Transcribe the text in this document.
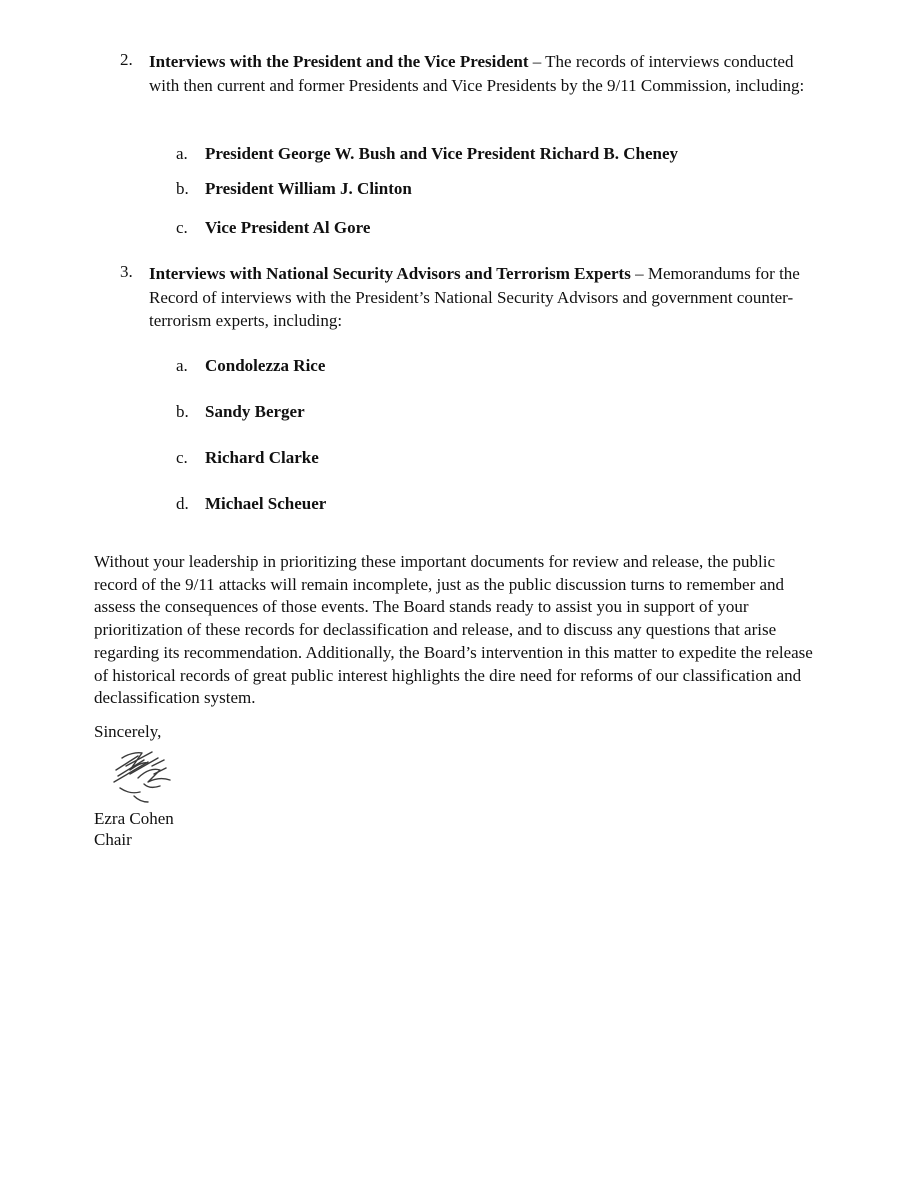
2. Interviews with the President and the Vice President – The records of interviews conducted with then current and former Presidents and Vice Presidents by the 9/11 Commission, including:
a. President George W. Bush and Vice President Richard B. Cheney
b. President William J. Clinton
c. Vice President Al Gore
3. Interviews with National Security Advisors and Terrorism Experts – Memorandums for the Record of interviews with the President’s National Security Advisors and government counter-terrorism experts, including:
a. Condolezza Rice
b. Sandy Berger
c. Richard Clarke
d. Michael Scheuer
Without your leadership in prioritizing these important documents for review and release, the public record of the 9/11 attacks will remain incomplete, just as the public discussion turns to remember and assess the consequences of those events. The Board stands ready to assist you in support of your prioritization of these records for declassification and release, and to discuss any questions that arise regarding its recommendation. Additionally, the Board’s intervention in this matter to expedite the release of historical records of great public interest highlights the dire need for reforms of our classification and declassification system.
Sincerely,
Ezra Cohen
Chair
